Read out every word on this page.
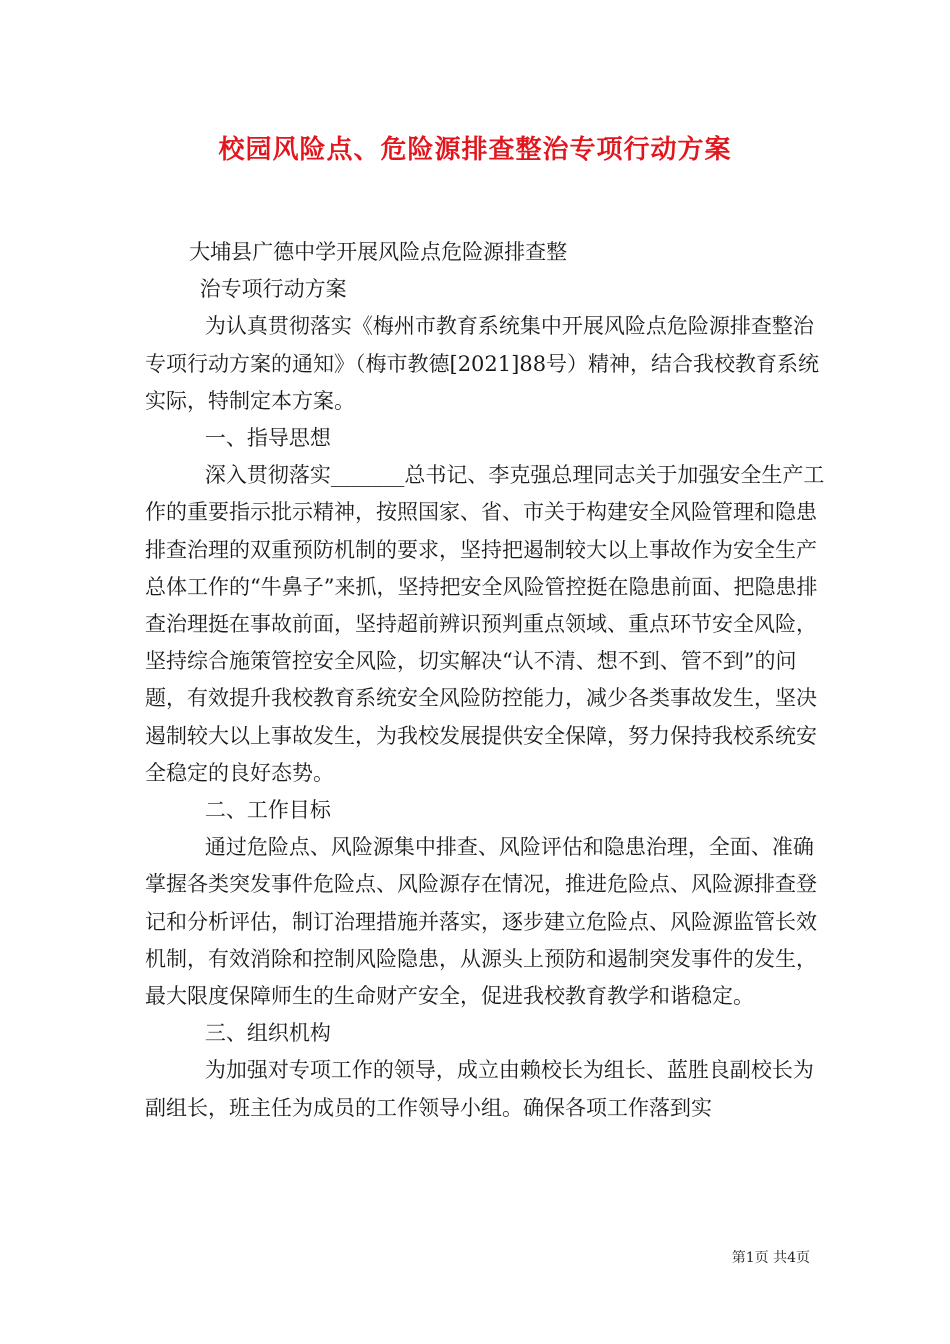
校园风险点、危险源排查整治专项行动方案

大埔县广德中学开展风险点危险源排查整

治专项行动方案

为认真贯彻落实《梅州市教育系统集中开展风险点危险源排查整治专项行动方案的通知》（梅市教德[2021]88号）精神，结合我校教育系统实际，特制定本方案。

一、指导思想

深入贯彻落实_______总书记、李克强总理同志关于加强安全生产工作的重要指示批示精神，按照国家、省、市关于构建安全风险管理和隐患排查治理的双重预防机制的要求，坚持把遏制较大以上事故作为安全生产总体工作的“牛鼻子”来抓，坚持把安全风险管控挺在隐患前面、把隐患排查治理挺在事故前面，坚持超前辨识预判重点领域、重点环节安全风险，坚持综合施策管控安全风险，切实解决“认不清、想不到、管不到”的问题，有效提升我校教育系统安全风险防控能力，减少各类事故发生，坚决遏制较大以上事故发生，为我校发展提供安全保障，努力保持我校系统安全稳定的良好态势。

二、工作目标

通过危险点、风险源集中排查、风险评估和隐患治理，全面、准确掌握各类突发事件危险点、风险源存在情况，推进危险点、风险源排查登记和分析评估，制订治理措施并落实，逐步建立危险点、风险源监管长效机制，有效消除和控制风险隐患，从源头上预防和遏制突发事件的发生，最大限度保障师生的生命财产安全，促进我校教育教学和谐稳定。

三、组织机构

为加强对专项工作的领导，成立由赖校长为组长、蓝胜良副校长为副组长，班主任为成员的工作领导小组。确保各项工作落到实

第1页 共4页
